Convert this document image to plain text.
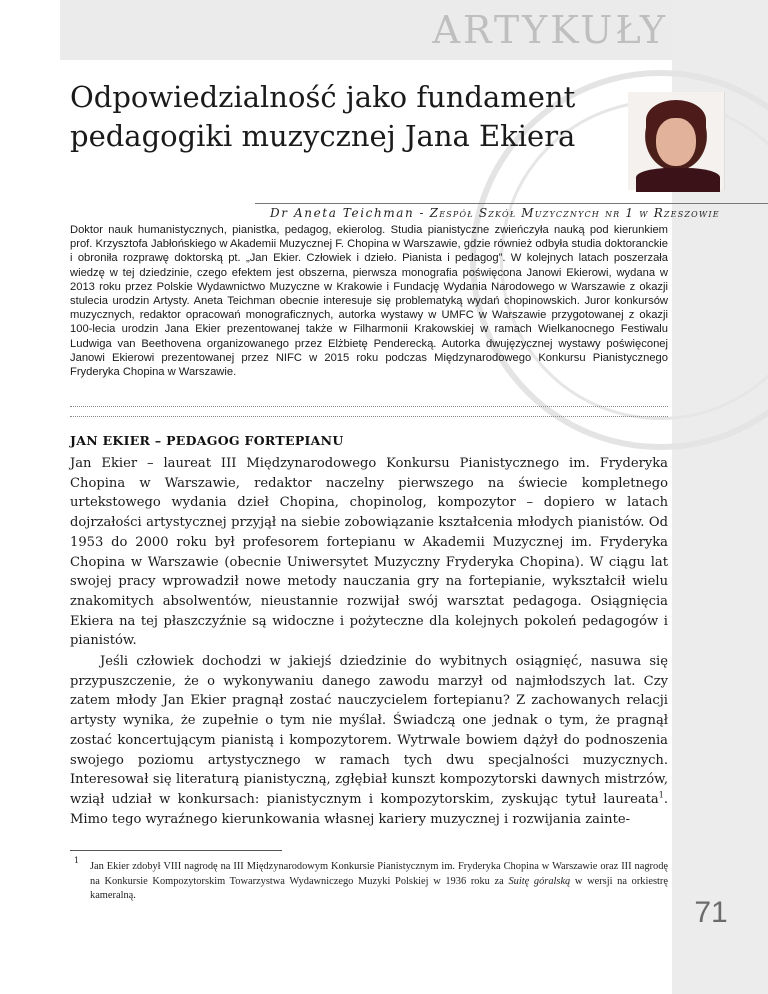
ARTYKUŁY
Odpowiedzialność jako fundament
pedagogiki muzycznej Jana Ekiera
Dr Aneta Teichman - Zespół Szkół Muzycznych nr 1 w Rzeszowie

Doktor nauk humanistycznych, pianistka, pedagog, ekierolog. Studia pianistyczne zwieńczyła nauką pod kierunkiem prof. Krzysztofa Jabłońskiego w Akademii Muzycznej F. Chopina w Warszawie, gdzie również odbyła studia doktoranckie i obroniła rozprawę doktorską pt. „Jan Ekier. Człowiek i dzieło. Pianista i pedagog”. W kolejnych latach poszerzała wiedzę w tej dziedzinie, czego efektem jest obszerna, pierwsza monografia poświęcona Janowi Ekierowi, wydana w 2013 roku przez Polskie Wydawnictwo Muzyczne w Krakowie i Fundację Wydania Narodowego w Warszawie z okazji stulecia urodzin Artysty. Aneta Teichman obecnie interesuje się problematyką wydań chopinowskich. Juror konkursów muzycznych, redaktor opracowań monograficznych, autorka wystawy w UMFC w Warszawie przygotowanej z okazji 100-lecia urodzin Jana Ekier prezentowanej także w Filharmonii Krakowskiej w ramach Wielkanocnego Festiwalu Ludwiga van Beethovena organizowanego przez Elżbietę Penderecką. Autorka dwujęzycznej wystawy poświęconej Janowi Ekierowi prezentowanej przez NIFC w 2015 roku podczas Międzynarodowego Konkursu Pianistycznego Fryderyka Chopina w Warszawie.

JAN EKIER – PEDAGOG FORTEPIANU

Jan Ekier – laureat III Międzynarodowego Konkursu Pianistycznego im. Fryderyka Chopina w Warszawie, redaktor naczelny pierwszego na świecie kompletnego urtekstowego wydania dzieł Chopina, chopinolog, kompozytor – dopiero w latach dojrzałości artystycznej przyjął na siebie zobowiązanie kształcenia młodych pianistów. Od 1953 do 2000 roku był profesorem fortepianu w Akademii Muzycznej im. Fryderyka Chopina w Warszawie (obecnie Uniwersytet Muzyczny Fryderyka Chopina). W ciągu lat swojej pracy wprowadził nowe metody nauczania gry na fortepianie, wykształcił wielu znakomitych absolwentów, nieustannie rozwijał swój warsztat pedagoga. Osiągnięcia Ekiera na tej płaszczyźnie są widoczne i pożyteczne dla kolejnych pokoleń pedagogów i pianistów.

Jeśli człowiek dochodzi w jakiejś dziedzinie do wybitnych osiągnięć, nasuwa się przypuszczenie, że o wykonywaniu danego zawodu marzył od najmłodszych lat. Czy zatem młody Jan Ekier pragnął zostać nauczycielem fortepianu? Z zachowanych relacji artysty wynika, że zupełnie o tym nie myślał. Świadczą one jednak o tym, że pragnął zostać koncertującym pianistą i kompozytorem. Wytrwale bowiem dążył do podnoszenia swojego poziomu artystycznego w ramach tych dwu specjalności muzycznych. Interesował się literaturą pianistyczną, zgłębiał kunszt kompozytorski dawnych mistrzów, wziął udział w konkursach: pianistycznym i kompozytorskim, zyskując tytuł laureata$^1$. Mimo tego wyraźnego kierunkowania własnej kariery muzycznej i rozwijania zainte-

1

Jan Ekier zdobył VIII nagrodę na III Międzynarodowym Konkursie Pianistycznym im. Fryderyka Chopina w Warszawie oraz III nagrodę na Konkursie Kompozytorskim Towarzystwa Wydawniczego Muzyki Polskiej w 1936 roku za Suitę góralską w wersji na orkiestrę kameralną.

71
